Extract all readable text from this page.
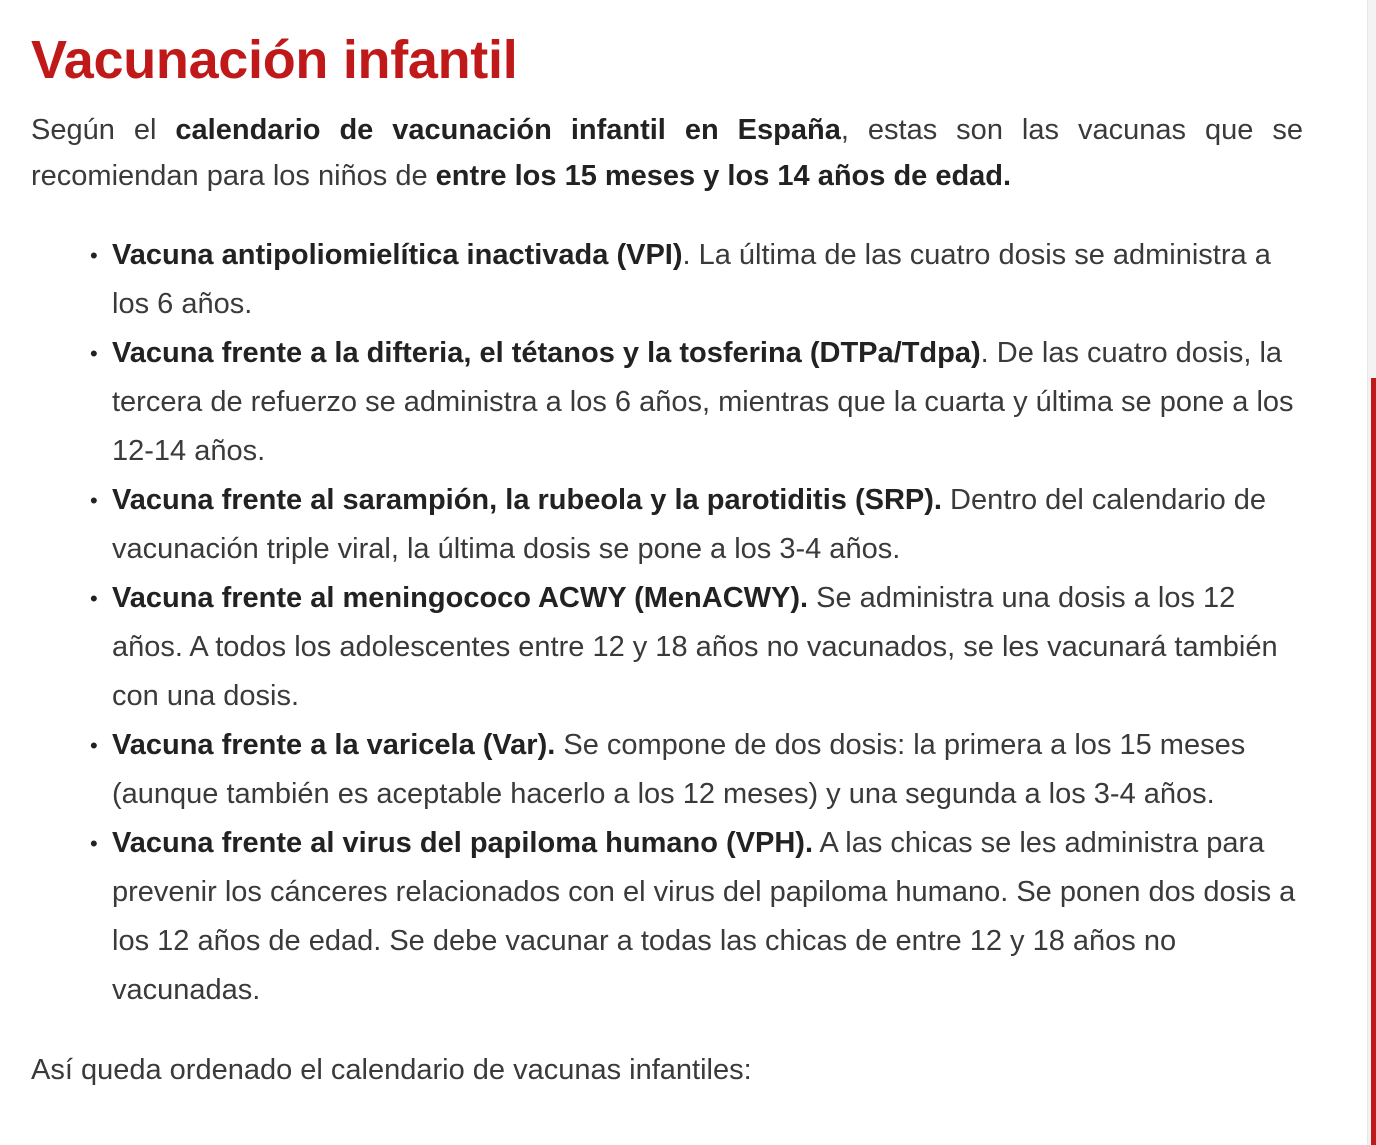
Vacunación infantil

Según el calendario de vacunación infantil en España, estas son las vacunas que se recomiendan para los niños de entre los 15 meses y los 14 años de edad.

• Vacuna antipoliomielítica inactivada (VPI). La última de las cuatro dosis se administra a los 6 años.
• Vacuna frente a la difteria, el tétanos y la tosferina (DTPa/Tdpa). De las cuatro dosis, la tercera de refuerzo se administra a los 6 años, mientras que la cuarta y última se pone a los 12-14 años.
• Vacuna frente al sarampión, la rubeola y la parotiditis (SRP). Dentro del calendario de vacunación triple viral, la última dosis se pone a los 3-4 años.
• Vacuna frente al meningococo ACWY (MenACWY). Se administra una dosis a los 12 años. A todos los adolescentes entre 12 y 18 años no vacunados, se les vacunará también con una dosis.
• Vacuna frente a la varicela (Var). Se compone de dos dosis: la primera a los 15 meses (aunque también es aceptable hacerlo a los 12 meses) y una segunda a los 3-4 años.
• Vacuna frente al virus del papiloma humano (VPH). A las chicas se les administra para prevenir los cánceres relacionados con el virus del papiloma humano. Se ponen dos dosis a los 12 años de edad. Se debe vacunar a todas las chicas de entre 12 y 18 años no vacunadas.

Así queda ordenado el calendario de vacunas infantiles:
